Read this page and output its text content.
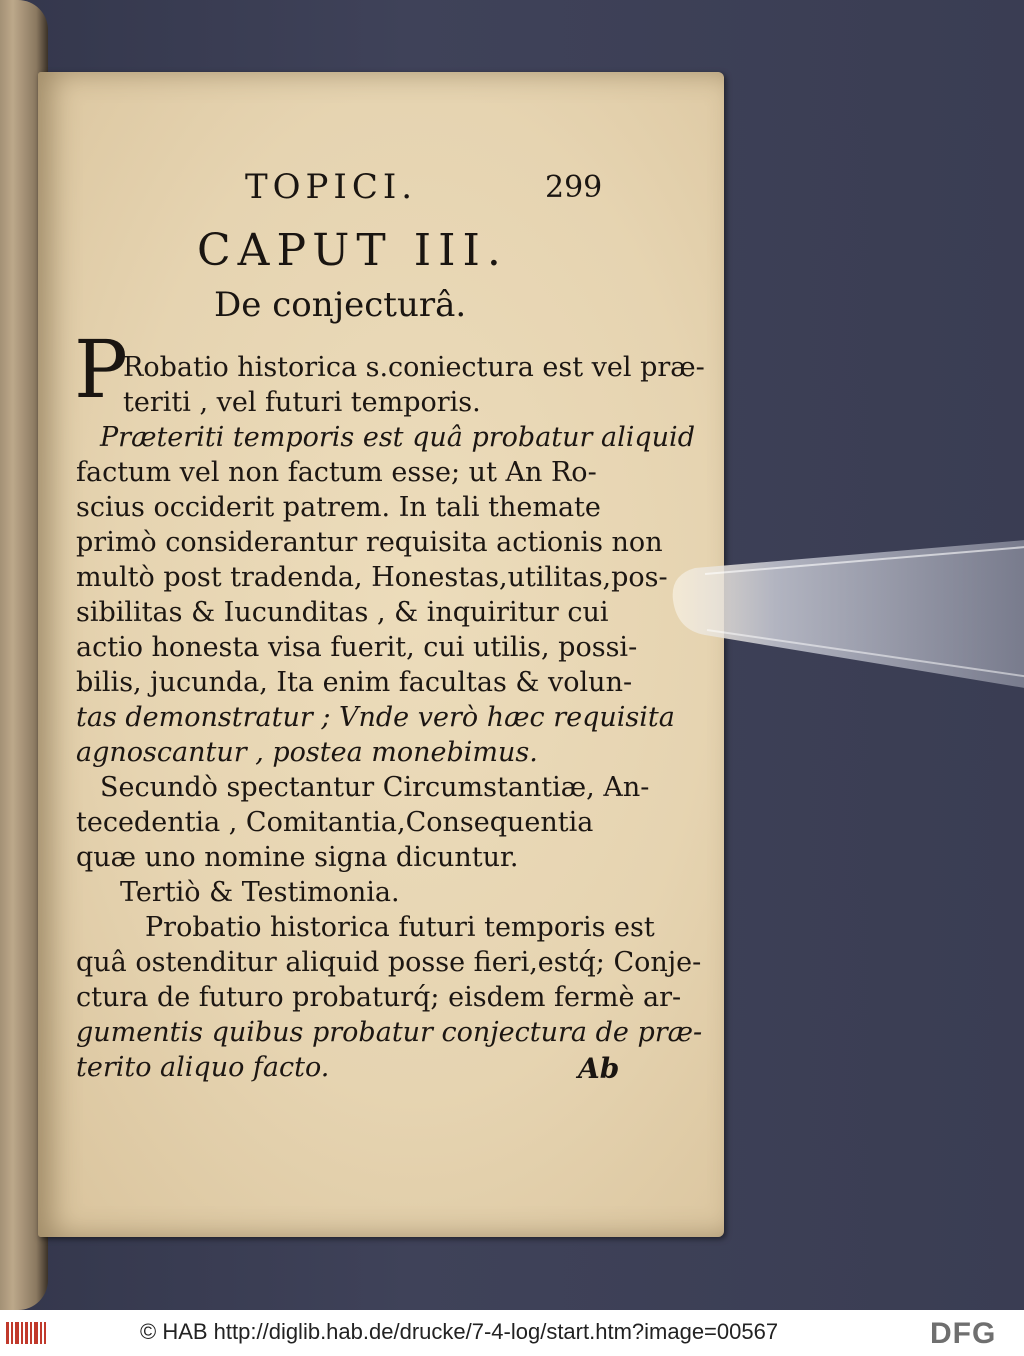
TOPICI.	299
CAPUT III.
De conjecturâ.
P
Robatio historica s.coniectura est vel præ-
teriti , vel futuri temporis.
Præteriti temporis est quâ probatur aliquid
factum vel non factum esse; ut An Ro-
scius occiderit patrem. In tali themate
primò considerantur requisita actionis non
multò post tradenda, Honestas,utilitas,pos-
sibilitas & Iucunditas , & inquiritur cui
actio honesta visa fuerit, cui utilis, possi-
bilis, jucunda, Ita enim facultas & volun-
tas demonstratur ; Vnde verò hæc requisita
agnoscantur , postea monebimus.
Secundò spectantur Circumstantiæ, An-
tecedentia , Comitantia,Consequentia
quæ uno nomine signa dicuntur.
Tertiò & Testimonia.
Probatio historica futuri temporis est
quâ ostenditur aliquid posse fieri,estq́; Conje-
ctura de futuro probaturq́; eisdem fermè ar-
gumentis quibus probatur conjectura de præ-
terito aliquo facto.	Ab
© HAB http://diglib.hab.de/drucke/7-4-log/start.htm?image=00567	DFG
